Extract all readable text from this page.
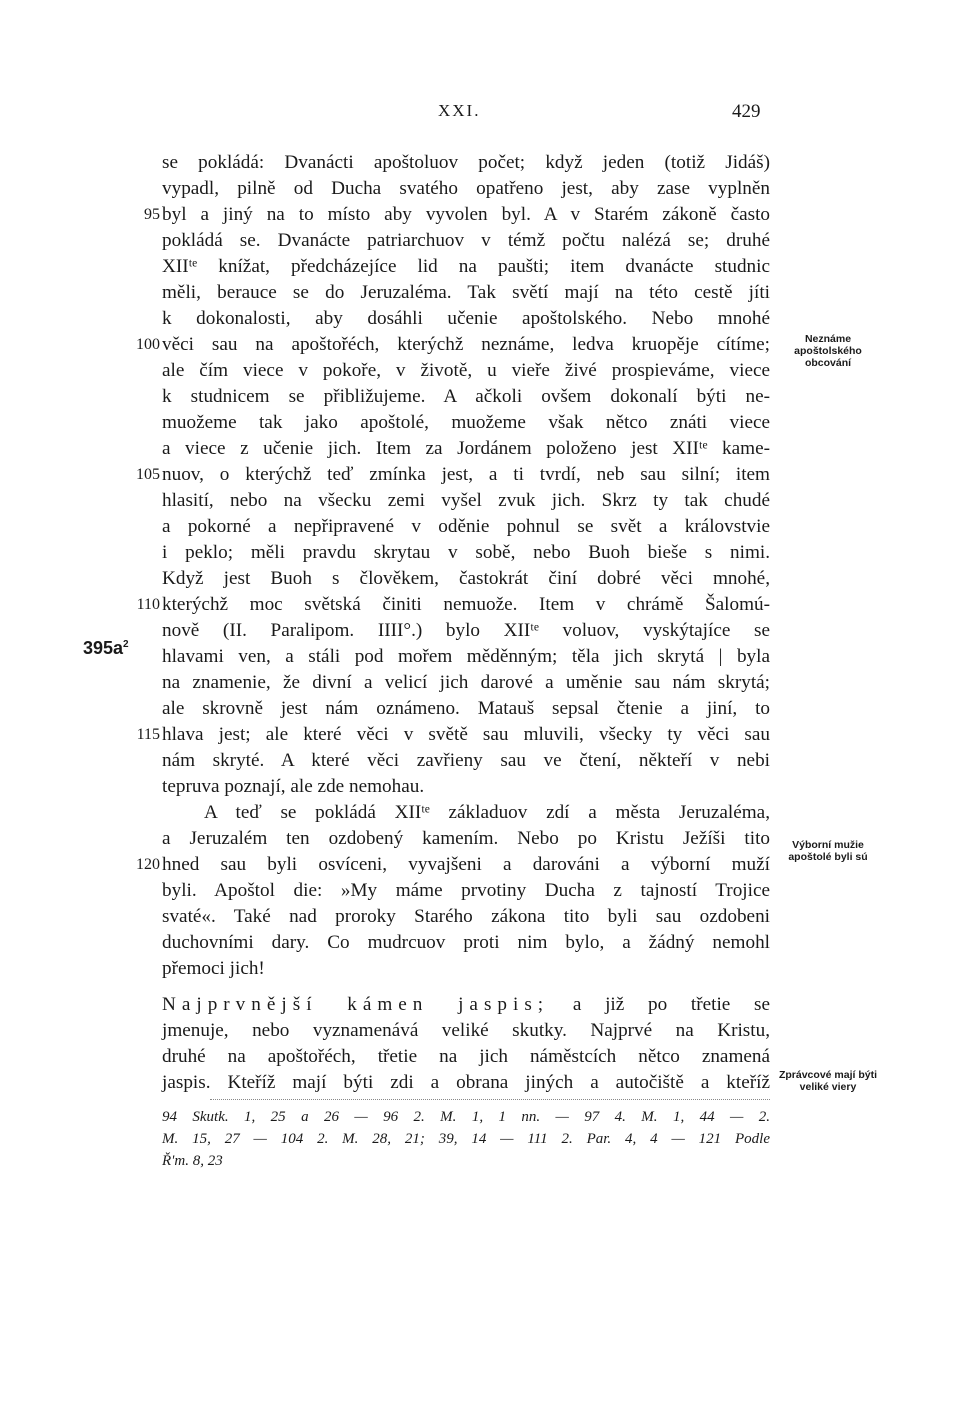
XXI.	429
se pokládá: Dvanácti apoštoluov počet; když jeden (totiž Jidáš)
vypadl, pilně od Ducha svatého opatřeno jest, aby zase vyplněn
byl a jiný na to místo aby vyvolen byl. A v Starém zákoně často
95
pokládá se. Dvanácte patriarchuov v témž počtu nalézá se; druhé
XIIᵗᵉ knížat, předcházejíce lid na paušti; item dvanácte studnic
měli, berauce se do Jeruzaléma. Tak světí mají na této cestě jíti
k dokonalosti, aby dosáhli učenie apoštolského. Nebo mnohé
věci sau na apoštořéch, kterýchž neznáme, ledva kruopěje cítíme;
100
ale čím viece v pokoře, v životě, u vieře živé prospieváme, viece
k studnicem se přibližujeme. A ačkoli ovšem dokonalí býti ne-
muožeme tak jako apoštolé, muožeme však nětco znáti viece
a viece z učenie jich. Item za Jordánem položeno jest XIIᵗᵉ kame-
nuov, o kterýchž teď zmínka jest, a ti tvrdí, neb sau silní; item
105
hlasití, nebo na všecku zemi vyšel zvuk jich. Skrz ty tak chudé
a pokorné a nepřipravené v oděnie pohnul se svět a královstvie
i peklo; měli pravdu skrytau v sobě, nebo Buoh bieše s nimi.
Když jest Buoh s člověkem, častokrát činí dobré věci mnohé,
kterýchž moc světská činiti nemuože. Item v chrámě Šalomú-
110
nově (II. Paralipom. IIII°.) bylo XIIᵗᵉ voluov, vyskýtajíce se
hlavami ven, a stáli pod mořem měděnným; těla jich skrytá | byla
na znamenie, že divní a velicí jich darové a uměnie sau nám skrytá;
ale skrovně jest nám oznámeno. Matauš sepsal čtenie a jiní, to
hlava jest; ale které věci v světě sau mluvili, všecky ty věci sau
115
nám skryté. A které věci zavřieny sau ve čtení, někteří v nebi
tepruva poznají, ale zde nemohau.
A teď se pokládá XIIᵗᵉ základuov zdí a města Jeruzaléma,
a Jeruzalém ten ozdobený kamením. Nebo po Kristu Ježíši tito
hned sau byli osvíceni, vyvajšeni a darováni a výborní muží
120
byli. Apoštol die: »My máme prvotiny Ducha z tajností Trojice
svaté«. Také nad proroky Starého zákona tito byli sau ozdobeni
duchovními dary. Co mudrcuov proti nim bylo, a žádný nemohl
přemoci jich!
$395a^2$
Neznáme apoštolského obcování
Výborní mužie apoštolé byli sú
Zprávcové mají býti veliké viery
Najprvnější kámen jaspis; a již po třetie se
jmenuje, nebo vyznamenává veliké skutky. Najprvé na Kristu,
druhé na apoštořéch, třetie na jich náměstcích nětco znamená
jaspis. Kteříž mají býti zdi a obrana jiných a autočiště a kteříž
94 Skutk. 1, 25 a 26 — 96 2. M. 1, 1 nn. — 97 4. M. 1, 44 — 2.
M. 15, 27 — 104 2. M. 28, 21; 39, 14 — 111 2. Par. 4, 4 — 121 Podle
Ř'm. 8, 23
